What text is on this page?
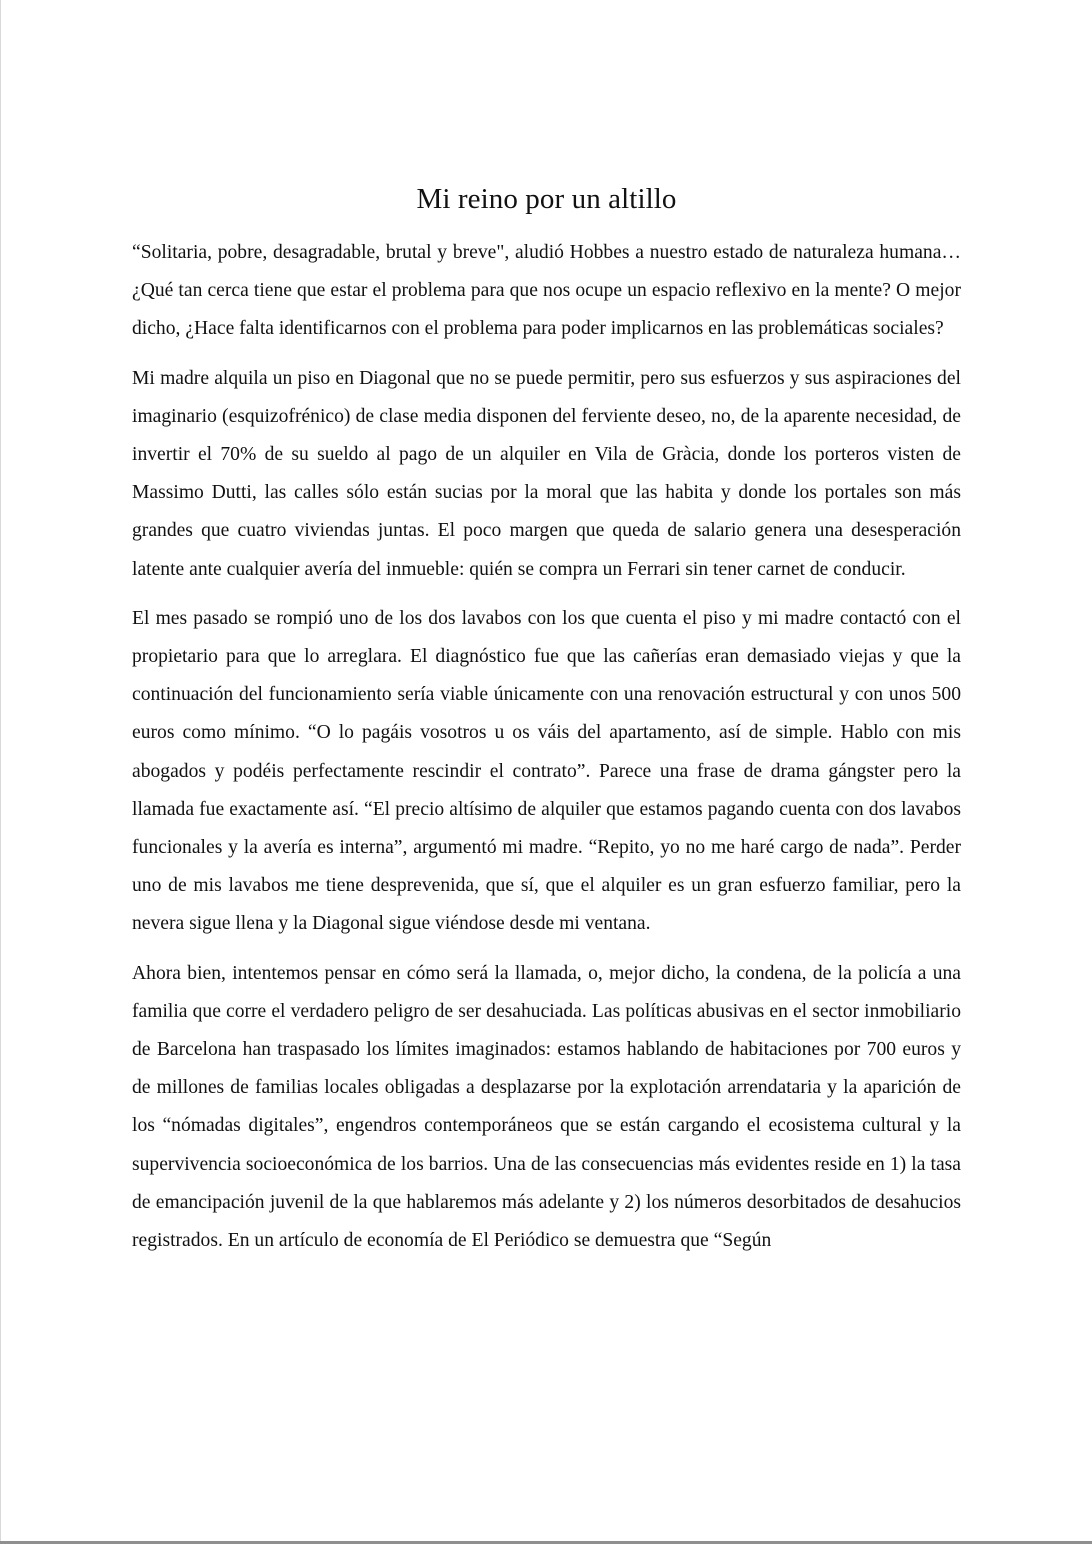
Mi reino por un altillo

“Solitaria, pobre, desagradable, brutal y breve", aludió Hobbes a nuestro estado de naturaleza humana… ¿Qué tan cerca tiene que estar el problema para que nos ocupe un espacio reflexivo en la mente? O mejor dicho, ¿Hace falta identificarnos con el problema para poder implicarnos en las problemáticas sociales?

Mi madre alquila un piso en Diagonal que no se puede permitir, pero sus esfuerzos y sus aspiraciones del imaginario (esquizofrénico) de clase media disponen del ferviente deseo, no, de la aparente necesidad, de invertir el 70% de su sueldo al pago de un alquiler en Vila de Gràcia, donde los porteros visten de Massimo Dutti, las calles sólo están sucias por la moral que las habita y donde los portales son más grandes que cuatro viviendas juntas. El poco margen que queda de salario genera una desesperación latente ante cualquier avería del inmueble: quién se compra un Ferrari sin tener carnet de conducir.

El mes pasado se rompió uno de los dos lavabos con los que cuenta el piso y mi madre contactó con el propietario para que lo arreglara. El diagnóstico fue que las cañerías eran demasiado viejas y que la continuación del funcionamiento sería viable únicamente con una renovación estructural y con unos 500 euros como mínimo. “O lo pagáis vosotros u os váis del apartamento, así de simple. Hablo con mis abogados y podéis perfectamente rescindir el contrato”. Parece una frase de drama gángster pero la llamada fue exactamente así. “El precio altísimo de alquiler que estamos pagando cuenta con dos lavabos funcionales y la avería es interna”, argumentó mi madre. “Repito, yo no me haré cargo de nada”. Perder uno de mis lavabos me tiene desprevenida, que sí, que el alquiler es un gran esfuerzo familiar, pero la nevera sigue llena y la Diagonal sigue viéndose desde mi ventana.

Ahora bien, intentemos pensar en cómo será la llamada, o, mejor dicho, la condena, de la policía a una familia que corre el verdadero peligro de ser desahuciada. Las políticas abusivas en el sector inmobiliario de Barcelona han traspasado los límites imaginados: estamos hablando de habitaciones por 700 euros y de millones de familias locales obligadas a desplazarse por la explotación arrendataria y la aparición de los “nómadas digitales”, engendros contemporáneos que se están cargando el ecosistema cultural y la supervivencia socioeconómica de los barrios. Una de las consecuencias más evidentes reside en 1) la tasa de emancipación juvenil de la que hablaremos más adelante y 2) los números desorbitados de desahucios registrados. En un artículo de economía de El Periódico se demuestra que “Según
